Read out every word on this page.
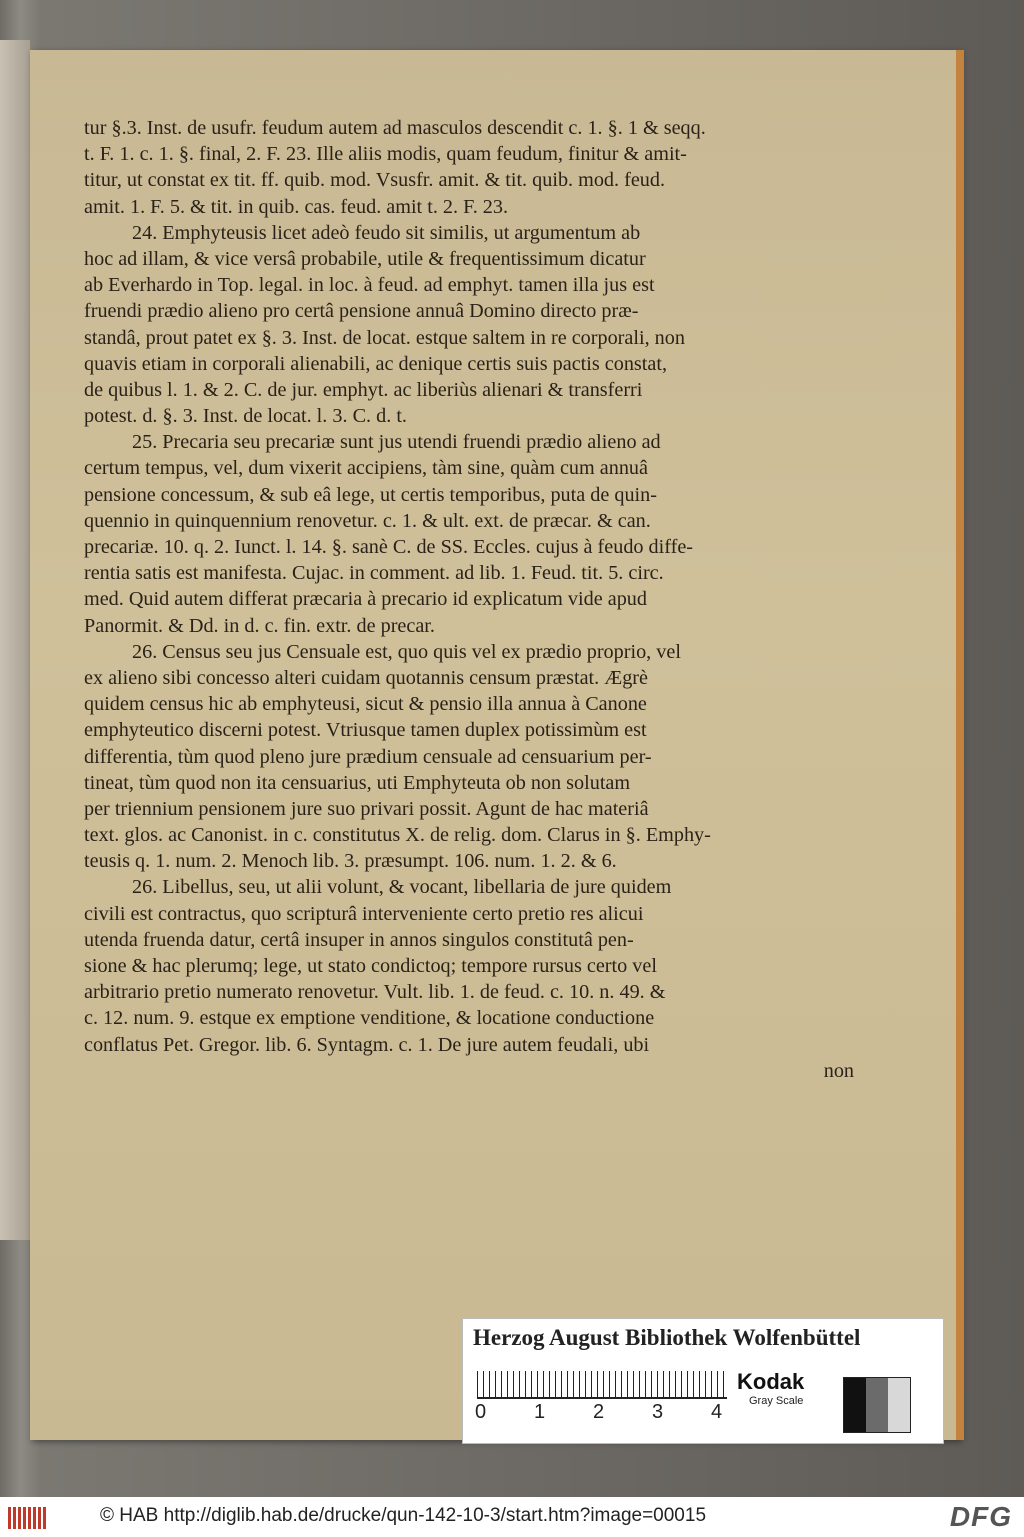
tur §.3. Inst. de usufr. feudum autem ad masculos descendit c. 1. §. 1 & seqq.
t. F. 1. c. 1. §. final, 2. F. 23. Ille aliis modis, quam feudum, finitur & amit-
titur, ut constat ex tit. ff. quib. mod. Vsusfr. amit. & tit. quib. mod. feud.
amit. 1. F. 5. & tit. in quib. cas. feud. amit t. 2. F. 23.
24. Emphyteusis licet adeò feudo sit similis, ut argumentum ab
hoc ad illam, & vice versâ probabile, utile & frequentissimum dicatur
ab Everhardo in Top. legal. in loc. à feud. ad emphyt. tamen illa jus est
fruendi prædio alieno pro certâ pensione annuâ Domino directo præ-
standâ, prout patet ex §. 3. Inst. de locat. estque saltem in re corporali, non
quavis etiam in corporali alienabili, ac denique certis suis pactis constat,
de quibus l. 1. & 2. C. de jur. emphyt. ac liberiùs alienari & transferri
potest. d. §. 3. Inst. de locat. l. 3. C. d. t.
25. Precaria seu precariæ sunt jus utendi fruendi prædio alieno ad
certum tempus, vel, dum vixerit accipiens, tàm sine, quàm cum annuâ
pensione concessum, & sub eâ lege, ut certis temporibus, puta de quin-
quennio in quinquennium renovetur. c. 1. & ult. ext. de præcar. & can.
precariæ. 10. q. 2. Iunct. l. 14. §. sanè C. de SS. Eccles. cujus à feudo diffe-
rentia satis est manifesta. Cujac. in comment. ad lib. 1. Feud. tit. 5. circ.
med. Quid autem differat præcaria à precario id explicatum vide apud
Panormit. & Dd. in d. c. fin. extr. de precar.
26. Census seu jus Censuale est, quo quis vel ex prædio proprio, vel
ex alieno sibi concesso alteri cuidam quotannis censum præstat. Ægrè
quidem census hic ab emphyteusi, sicut & pensio illa annua à Canone
emphyteutico discerni potest. Vtriusque tamen duplex potissimùm est
differentia, tùm quod pleno jure prædium censuale ad censuarium per-
tineat, tùm quod non ita censuarius, uti Emphyteuta ob non solutam
per triennium pensionem jure suo privari possit. Agunt de hac materiâ
text. glos. ac Canonist. in c. constitutus X. de relig. dom. Clarus in §. Emphy-
teusis q. 1. num. 2. Menoch lib. 3. præsumpt. 106. num. 1. 2. & 6.
26. Libellus, seu, ut alii volunt, & vocant, libellaria de jure quidem
civili est contractus, quo scripturâ interveniente certo pretio res alicui
utenda fruenda datur, certâ insuper in annos singulos constitutâ pen-
sione & hac plerumq; lege, ut stato condictoq; tempore rursus certo vel
arbitrario pretio numerato renovetur. Vult. lib. 1. de feud. c. 10. n. 49. &
c. 12. num. 9. estque ex emptione venditione, & locatione conductione
conflatus Pet. Gregor. lib. 6. Syntagm. c. 1. De jure autem feudali, ubi
non
Herzog August Bibliothek Wolfenbüttel
0 1 2 3 4
Kodak
Gray Scale
© HAB http://diglib.hab.de/drucke/qun-142-10-3/start.htm?image=00015	DFG
